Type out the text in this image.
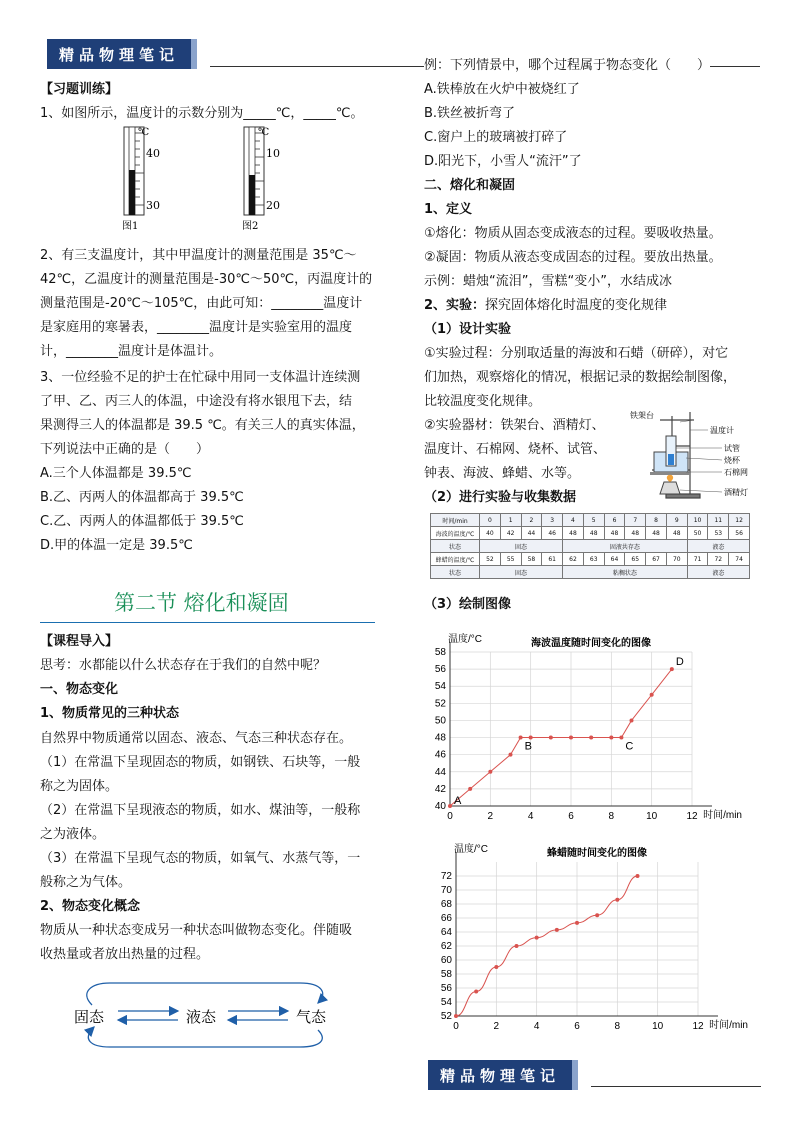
精品物理笔记
精品物理笔记
【习题训练】
1、如图所示，温度计的示数分别为_____℃，_____℃。
℃
40
30
图1
℃
10
20
图2
2、有三支温度计，其中甲温度计的测量范围是 35℃～
42℃，乙温度计的测量范围是-30℃～50℃，丙温度计的
测量范围是-20℃～105℃，由此可知：________温度计
是家庭用的寒暑表，________温度计是实验室用的温度
计，________温度计是体温计。
3、一位经验不足的护士在忙碌中用同一支体温计连续测
了甲、乙、丙三人的体温，中途没有将水银甩下去，结
果测得三人的体温都是 39.5 ℃。有关三人的真实体温，
下列说法中正确的是（　　）
A.三个人体温都是 39.5℃
B.乙、丙两人的体温都高于 39.5℃
C.乙、丙两人的体温都低于 39.5℃
D.甲的体温一定是 39.5℃
第二节 熔化和凝固
【课程导入】
思考：水都能以什么状态存在于我们的自然中呢？
一、物态变化
1、物质常见的三种状态
自然界中物质通常以固态、液态、气态三种状态存在。
（1）在常温下呈现固态的物质，如钢铁、石块等，一般
称之为固体。
（2）在常温下呈现液态的物质，如水、煤油等，一般称
之为液体。
（3）在常温下呈现气态的物质，如氧气、水蒸气等，一
般称之为气体。
2、物态变化概念
物质从一种状态变成另一种状态叫做物态变化。伴随吸
收热量或者放出热量的过程。
固态	液态	气态
例：下列情景中，哪个过程属于物态变化（　　）
A.铁棒放在火炉中被烧红了
B.铁丝被折弯了
C.窗户上的玻璃被打碎了
D.阳光下，小雪人“流汗”了
二、熔化和凝固
1、定义
①熔化：物质从固态变成液态的过程。要吸收热量。
②凝固：物质从液态变成固态的过程。要放出热量。
示例：蜡烛“流泪”，雪糕“变小”，水结成冰
2、实验：探究固体熔化时温度的变化规律
（1）设计实验
①实验过程：分别取适量的海波和石蜡（研碎），对它
们加热，观察熔化的情况，根据记录的数据绘制图像，
比较温度变化规律。
②实验器材：铁架台、酒精灯、
温度计、石棉网、烧杯、试管、
钟表、海波、蜂蜡、水等。
铁架台
温度计
试管
烧杯
石棉网
酒精灯
（2）进行实验与收集数据
时间/min	0	1	2	3	4	5	6	7	8	9	10	11	12
海波的温度/℃	40	42	44	46	48	48	48	48	48	48	50	53	56
状态	固态				固液共存态						液态		
蜂蜡的温度/℃	52	55	58	61	62	63	64	65	67	70	71	72	74
状态	固态				粘稠状态						液态		
（3）绘制图像
40
42
44
46
48
50
52
54
56
58
0	2	4	6	8	10	12
温度/°C
时间/min
海波温度随时间变化的图像
A
B	C
D
52
54
56
58
60
62
64
66
68
70
72
0	2	4	6	8	10	12
温度/°C
时间/min
蜂蜡随时间变化的图像
